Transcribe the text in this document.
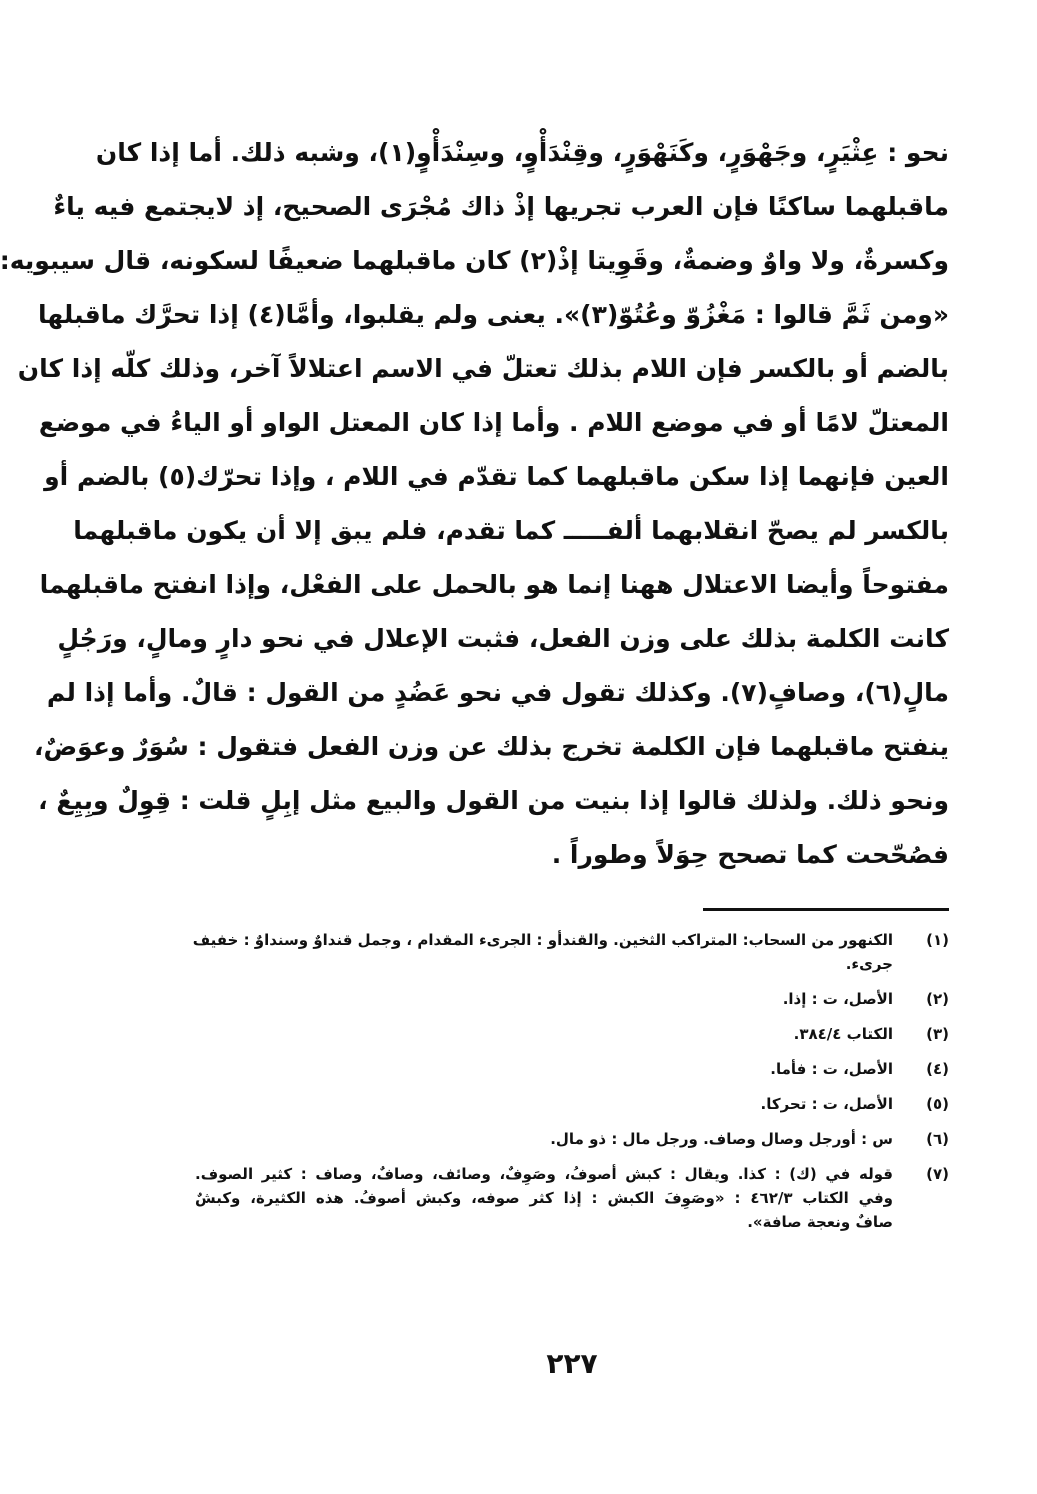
نحو : عِثْيَرٍ، وجَهْوَرٍ، وكَنَهْوَرٍ، وقِنْدَأْوٍ، وسِنْدَأْوٍ(١)، وشبه ذلك. أما إذا كان
ماقبلهما ساكنًا فإن العرب تجريها إذْ ذاك مُجْرَى الصحيح، إذ لايجتمع فيه ياءٌ
وكسرةٌ، ولا واوٌ وضمةٌ، وقَوِيتا إذْ(٢) كان ماقبلهما ضعيفًا لسكونه، قال سيبويه:
«ومن ثَمَّ قالوا : مَغْزُوّ وعُتُوّ(٣)». يعنى ولم يقلبوا، وأمَّا(٤) إذا تحرَّك ماقبلها
بالضم أو بالكسر فإن اللام بذلك تعتلّ في الاسم اعتلالاً آخر، وذلك كلّه إذا كان
المعتلّ لامًا أو في موضع اللام . وأما إذا كان المعتل الواو أو الياءُ في موضع
العين فإنهما إذا سكن ماقبلهما كما تقدّم في اللام ، وإذا تحرّك(٥) بالضم أو
بالكسر لم يصحّ انقلابهما ألفـــــ كما تقدم، فلم يبق إلا أن يكون ماقبلهما
مفتوحاً وأيضا الاعتلال ههنا إنما هو بالحمل على الفعْل، وإذا انفتح ماقبلهما
كانت الكلمة بذلك على وزن الفعل، فثبت الإعلال في نحو دارٍ ومالٍ، ورَجُلٍ
مالٍ(٦)، وصافٍ(٧). وكذلك تقول في نحو عَضُدٍ من القول : قالٌ. وأما إذا لم
ينفتح ماقبلهما فإن الكلمة تخرج بذلك عن وزن الفعل فتقول : سُوَرٌ وعوَضٌ،
ونحو ذلك. ولذلك قالوا إذا بنيت من القول والبيع مثل إبِلٍ قلت : قِوِلٌ وبِيِعٌ ،
فصُحّحت كما تصحح حِوَلاً وطوراً .
(١)
الكنهور من السحاب: المتراكب الثخين. والقندأو : الجرىء المقدام ، وجمل قنداوٌ وسنداوٌ : خفيف
جرىء.
(٢)
الأصل، ت : إذا.
(٣)
الكتاب ٣٨٤/٤.
(٤)
الأصل، ت : فأما.
(٥)
الأصل، ت : تحركا.
(٦)
س : أورجل وصال وصاف. ورجل مال : ذو مال.
(٧)
قوله في (ك) : كذا. ويقال : كبش أصوفُ، وصَوِفٌ، وصائف، وصافٌ، وصاف : كثير الصوف.
وفي الكتاب ٤٦٢/٣ : «وصَوِفَ الكبش : إذا كثر صوفه، وكبش أصوفُ. هذه الكثيرة، وكبشٌ
صافٌ ونعجة صافة».
٢٢٧
